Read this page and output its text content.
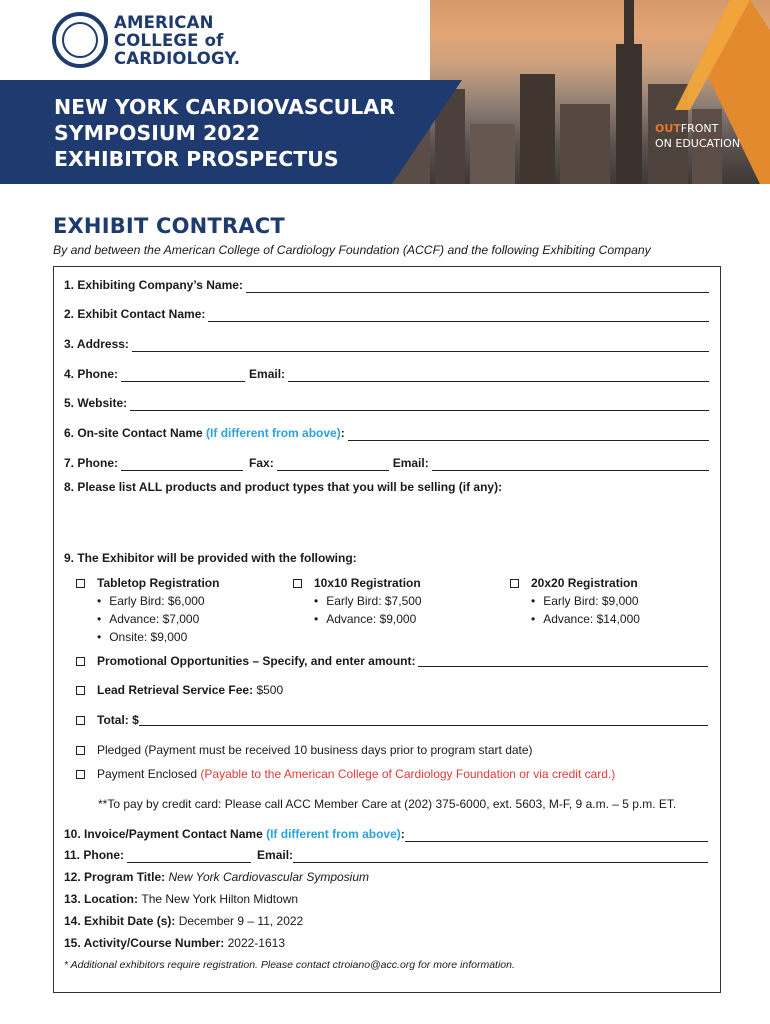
AMERICAN
COLLEGE of
CARDIOLOGY.
NEW YORK CARDIOVASCULAR
SYMPOSIUM 2022
EXHIBITOR PROSPECTUS
OUTFRONT
ON EDUCATION
EXHIBIT CONTRACT
By and between the American College of Cardiology Foundation (ACCF) and the following Exhibiting Company
1. Exhibiting Company’s Name:
2. Exhibit Contact Name:
3. Address:
4. Phone:	Email:
5. Website:
6. On-site Contact Name
(If different from above) :
7. Phone:	Fax:	Email:
8. Please list ALL products and product types that you will be selling (if any):
9. The Exhibitor will be provided with the following:
Tabletop Registration
• Early Bird: $6,000
• Advance: $7,000
• Onsite: $9,000
10x10 Registration
• Early Bird: $7,500
• Advance: $9,000
20x20 Registration
• Early Bird: $9,000
• Advance: $14,000
Promotional Opportunities – Specify, and enter amount:
Lead Retrieval Service Fee:
$500
Total: $
Pledged (Payment must be received 10 business days prior to program start date)
Payment Enclosed
(Payable to the American College of Cardiology Foundation or via credit card.)
**To pay by credit card: Please call ACC Member Care at (202) 375-6000, ext. 5603, M-F, 9 a.m. – 5 p.m. ET.
10. Invoice/Payment Contact Name
(If different from above) :
11. Phone:	Email:
12. Program Title:
New York Cardiovascular Symposium
13. Location:
The New York Hilton Midtown
14. Exhibit Date (s):
December 9 – 11, 2022
15. Activity/Course Number:
2022-1613
* Additional exhibitors require registration. Please contact ctroiano@acc.org for more information.
